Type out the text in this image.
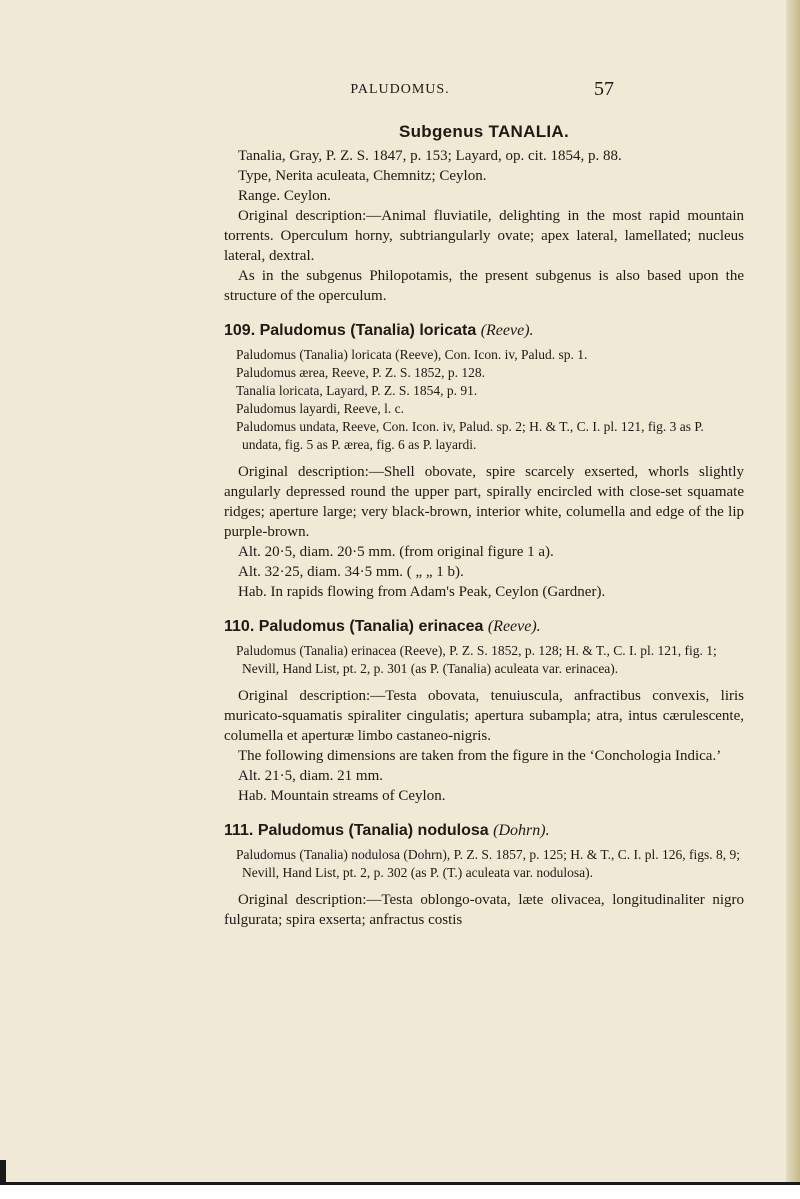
PALUDOMUS.	57
Subgenus TANALIA.

Tanalia, Gray, P. Z. S. 1847, p. 153; Layard, op. cit. 1854, p. 88.

Type, Nerita aculeata, Chemnitz; Ceylon.

Range. Ceylon.

Original description:—Animal fluviatile, delighting in the most rapid mountain torrents. Operculum horny, subtriangularly ovate; apex lateral, lamellated; nucleus lateral, dextral.

As in the subgenus Philopotamis, the present subgenus is also based upon the structure of the operculum.

109. Paludomus (Tanalia) loricata (Reeve).

Paludomus (Tanalia) loricata (Reeve), Con. Icon. iv, Palud. sp. 1.

Paludomus ærea, Reeve, P. Z. S. 1852, p. 128.

Tanalia loricata, Layard, P. Z. S. 1854, p. 91.

Paludomus layardi, Reeve, l. c.

Paludomus undata, Reeve, Con. Icon. iv, Palud. sp. 2; H. & T., C. I. pl. 121, fig. 3 as P. undata, fig. 5 as P. ærea, fig. 6 as P. layardi.

Original description:—Shell obovate, spire scarcely exserted, whorls slightly angularly depressed round the upper part, spirally encircled with close-set squamate ridges; aperture large; very black-brown, interior white, columella and edge of the lip purple-brown.

Alt. 20·5, diam. 20·5 mm. (from original figure 1 a).

Alt. 32·25, diam. 34·5 mm. ( „ „ 1 b).

Hab. In rapids flowing from Adam's Peak, Ceylon (Gardner).

110. Paludomus (Tanalia) erinacea (Reeve).

Paludomus (Tanalia) erinacea (Reeve), P. Z. S. 1852, p. 128; H. & T., C. I. pl. 121, fig. 1; Nevill, Hand List, pt. 2, p. 301 (as P. (Tanalia) aculeata var. erinacea).

Original description:—Testa obovata, tenuiuscula, anfractibus convexis, liris muricato-squamatis spiraliter cingulatis; apertura subampla; atra, intus cærulescente, columella et aperturæ limbo castaneo-nigris.

The following dimensions are taken from the figure in the ‘Conchologia Indica.’

Alt. 21·5, diam. 21 mm.

Hab. Mountain streams of Ceylon.

111. Paludomus (Tanalia) nodulosa (Dohrn).

Paludomus (Tanalia) nodulosa (Dohrn), P. Z. S. 1857, p. 125; H. & T., C. I. pl. 126, figs. 8, 9; Nevill, Hand List, pt. 2, p. 302 (as P. (T.) aculeata var. nodulosa).

Original description:—Testa oblongo-ovata, læte olivacea, longitudinaliter nigro fulgurata; spira exserta; anfractus costis
